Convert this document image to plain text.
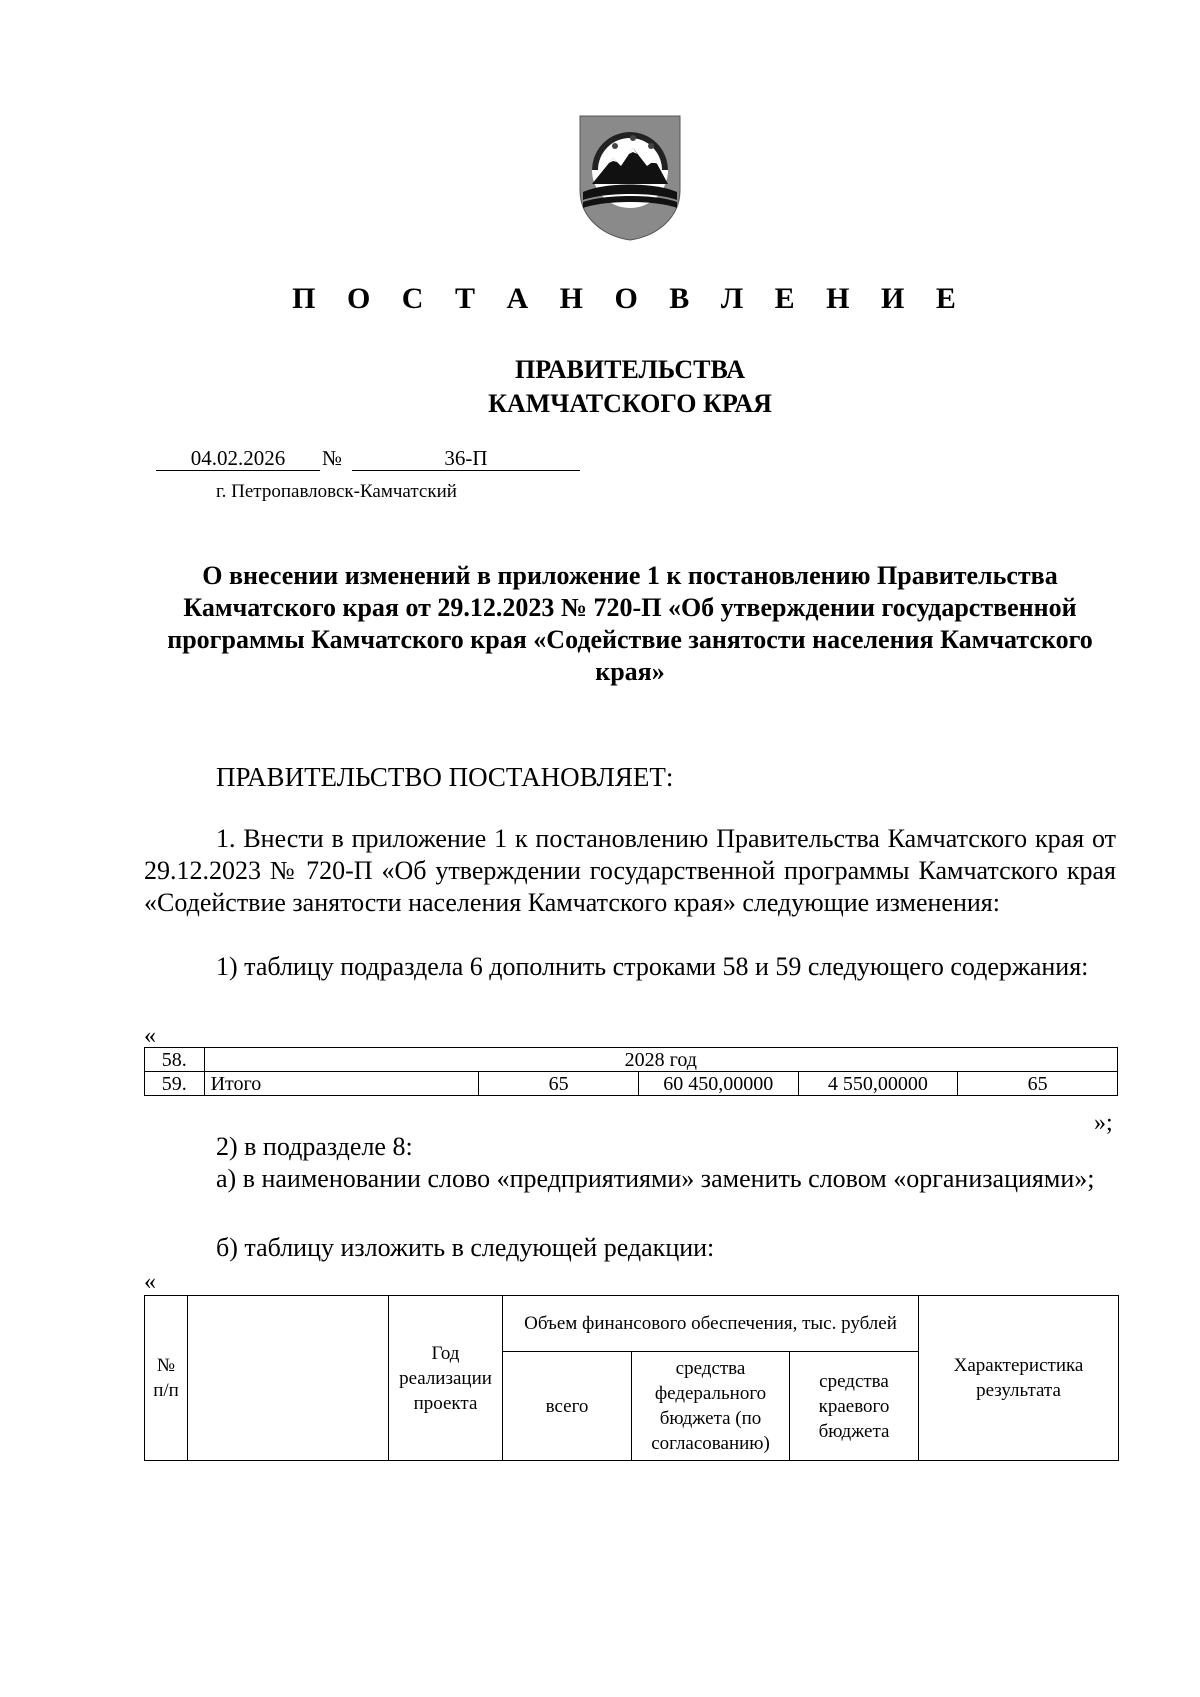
П О С Т А Н О В Л Е Н И Е
ПРАВИТЕЛЬСТВА
КАМЧАТСКОГО КРАЯ
04.02.2026	№	36-П
г. Петропавловск-Камчатский
О внесении изменений в приложение 1 к постановлению Правительства Камчатского края от 29.12.2023 № 720-П «Об утверждении государственной программы Камчатского края «Содействие занятости населения Камчатского края»
ПРАВИТЕЛЬСТВО ПОСТАНОВЛЯЕТ:
1. Внести в приложение 1 к постановлению Правительства Камчатского края от 29.12.2023 № 720-П «Об утверждении государственной программы Камчатского края «Содействие занятости населения Камчатского края» следующие изменения:
1) таблицу подраздела 6 дополнить строками 58 и 59 следующего содержания:
«
58.	2028 год				
59.	Итого	65	60 450,00000	4 550,00000	65
»;
2) в подразделе 8:
а) в наименовании слово «предприятиями» заменить словом «организациями»;
б) таблицу изложить в следующей редакции:
«
№ п/п		Год реализации проекта	Объем финансового обеспечения, тыс. рублей			Характеристика результата
			всего	средства федерального бюджета (по согласованию)	средства краевого бюджета	
